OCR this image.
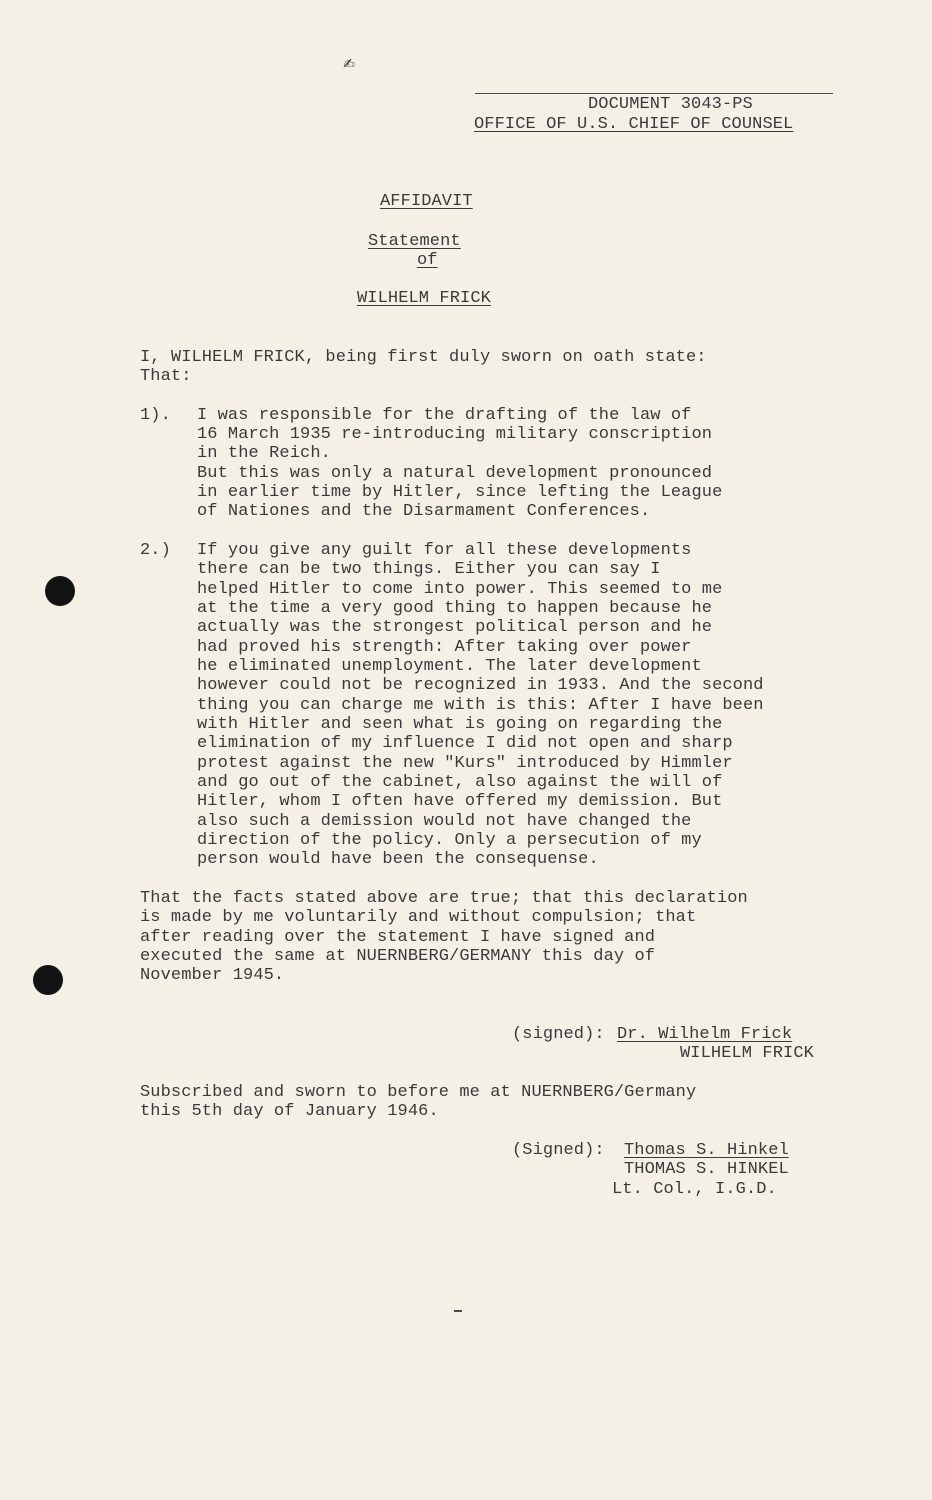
✍
DOCUMENT 3043-PS
OFFICE OF U.S. CHIEF OF COUNSEL
AFFIDAVIT
Statement
of
WILHELM FRICK
I, WILHELM FRICK, being first duly sworn on oath state:
That:
1). I was responsible for the drafting of the law of
16 March 1935 re-introducing military conscription
in the Reich.
But this was only a natural development pronounced
in earlier time by Hitler, since lefting the League
of Nationes and the Disarmament Conferences.
2.) If you give any guilt for all these developments
there can be two things. Either you can say I
helped Hitler to come into power. This seemed to me
at the time a very good thing to happen because he
actually was the strongest political person and he
had proved his strength: After taking over power
he eliminated unemployment. The later development
however could not be recognized in 1933. And the second
thing you can charge me with is this: After I have been
with Hitler and seen what is going on regarding the
elimination of my influence I did not open and sharp
protest against the new "Kurs" introduced by Himmler
and go out of the cabinet, also against the will of
Hitler, whom I often have offered my demission. But
also such a demission would not have changed the
direction of the policy. Only a persecution of my
person would have been the consequense.
That the facts stated above are true; that this declaration
is made by me voluntarily and without compulsion; that
after reading over the statement I have signed and
executed the same at NUERNBERG/GERMANY this day of
November 1945.
(signed): Dr. Wilhelm Frick
WILHELM FRICK
Subscribed and sworn to before me at NUERNBERG/Germany
this 5th day of January 1946.
(Signed): Thomas S. Hinkel
THOMAS S. HINKEL
Lt. Col., I.G.D.
